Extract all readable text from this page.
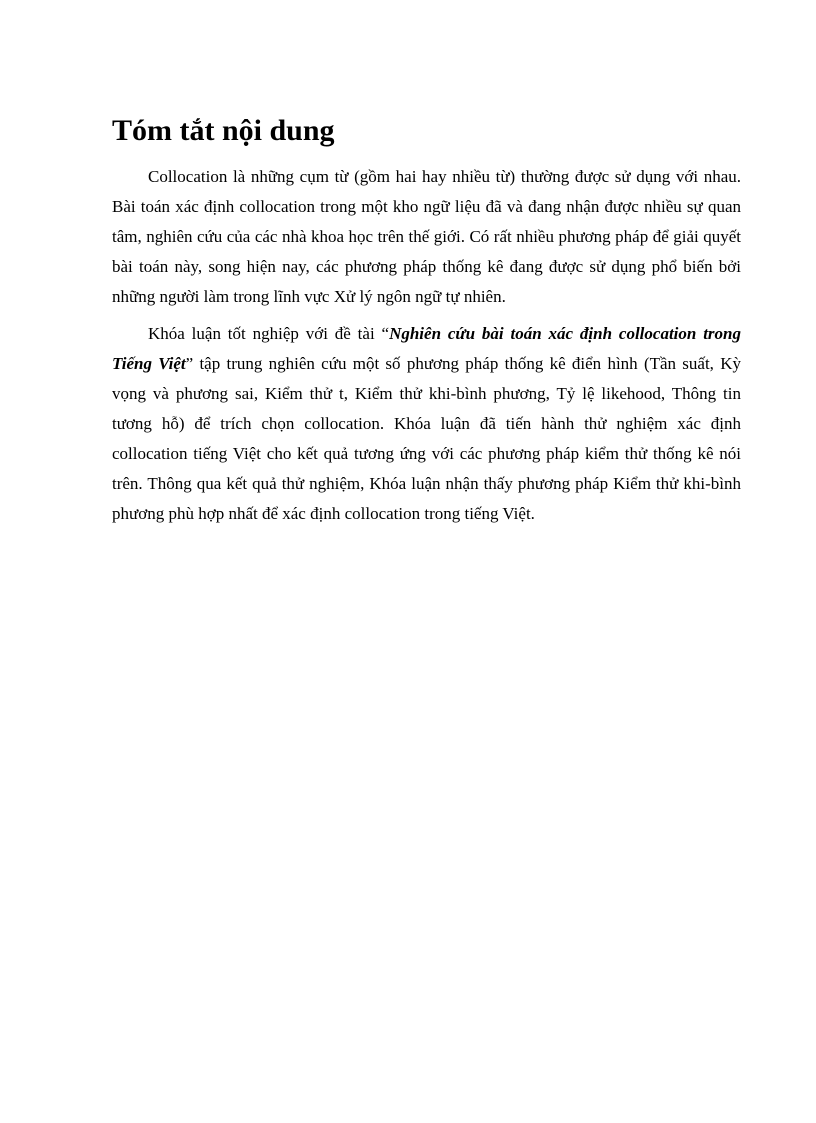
Tóm tắt nội dung

Collocation là những cụm từ (gồm hai hay nhiều từ) thường được sử dụng với nhau. Bài toán xác định collocation trong một kho ngữ liệu đã và đang nhận được nhiều sự quan tâm, nghiên cứu của các nhà khoa học trên thế giới. Có rất nhiều phương pháp để giải quyết bài toán này, song hiện nay, các phương pháp thống kê đang được sử dụng phổ biến bởi những người làm trong lĩnh vực Xử lý ngôn ngữ tự nhiên.

Khóa luận tốt nghiệp với đề tài “Nghiên cứu bài toán xác định collocation trong Tiếng Việt” tập trung nghiên cứu một số phương pháp thống kê điển hình (Tần suất, Kỳ vọng và phương sai, Kiểm thử t, Kiểm thử khi-bình phương, Tỷ lệ likehood, Thông tin tương hỗ) để trích chọn collocation. Khóa luận đã tiến hành thử nghiệm xác định collocation tiếng Việt cho kết quả tương ứng với các phương pháp kiểm thử thống kê nói trên. Thông qua kết quả thử nghiệm, Khóa luận nhận thấy phương pháp Kiểm thử khi-bình phương phù hợp nhất để xác định collocation trong tiếng Việt.
